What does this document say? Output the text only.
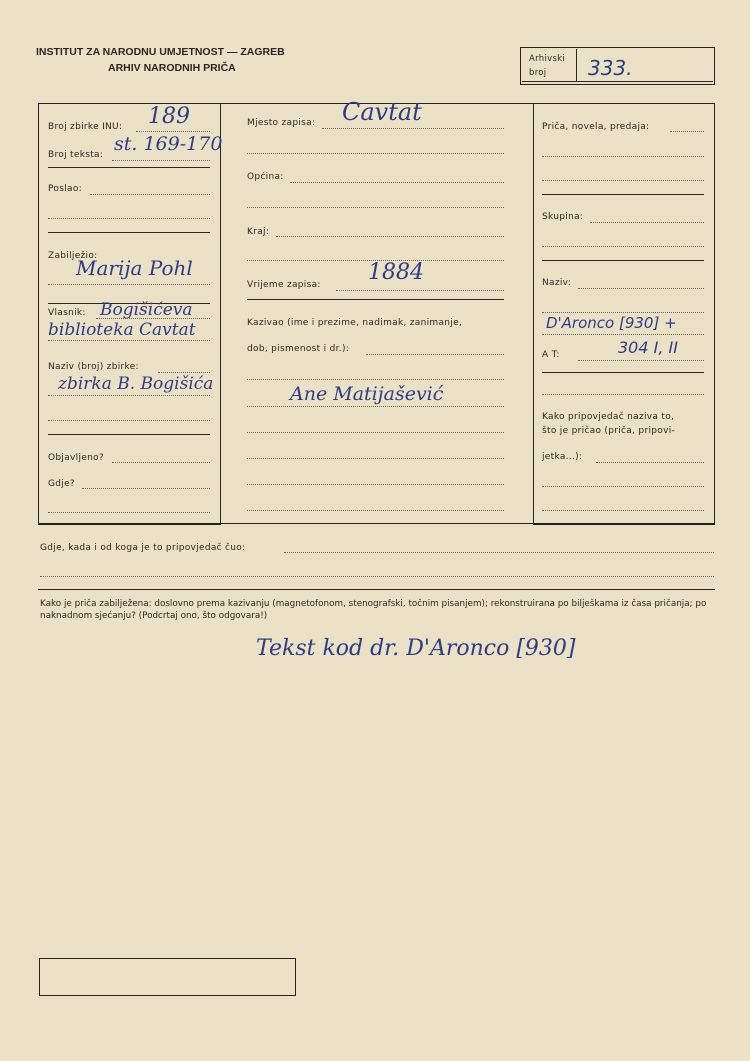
INSTITUT ZA NARODNU UMJETNOST — ZAGREB
ARHIV NARODNIH PRIČA
Arhivski
broj 333.
Broj zbirke INU: 189
Broj teksta: st. 169-170
Poslao:
Zabilježio:
Marija Pohl
Vlasnik: Bogišićeva
biblioteka Cavtat
Naziv (broj) zbirke:
zbirka B. Bogišića
Objavljeno?
Gdje?
Mjesto zapisa: Cavtat
Općina:
Kraj:
Vrijeme zapisa: 1884
Kazivao (ime i prezime, nadimak, zanimanje,
dob, pismenost i dr.):
Ane Matijašević
Priča, novela, predaja:
Skupina:
Naziv:
D'Aronco [930] +
A T:	304 I, II
Kako pripovjedač naziva to,
što je pričao (priča, pripovi-
jetka...):
Gdje, kada i od koga je to pripovjedač čuo:
Kako je priča zabilježena: doslovno prema kazivanju (magnetofonom, stenografski, točnim pisanjem); rekonstruirana po bilješkama iz časa pričanja; po naknadnom sjećanju? (Podcrtaj ono, što odgovara!)
Tekst kod dr. D'Aronco [930]
